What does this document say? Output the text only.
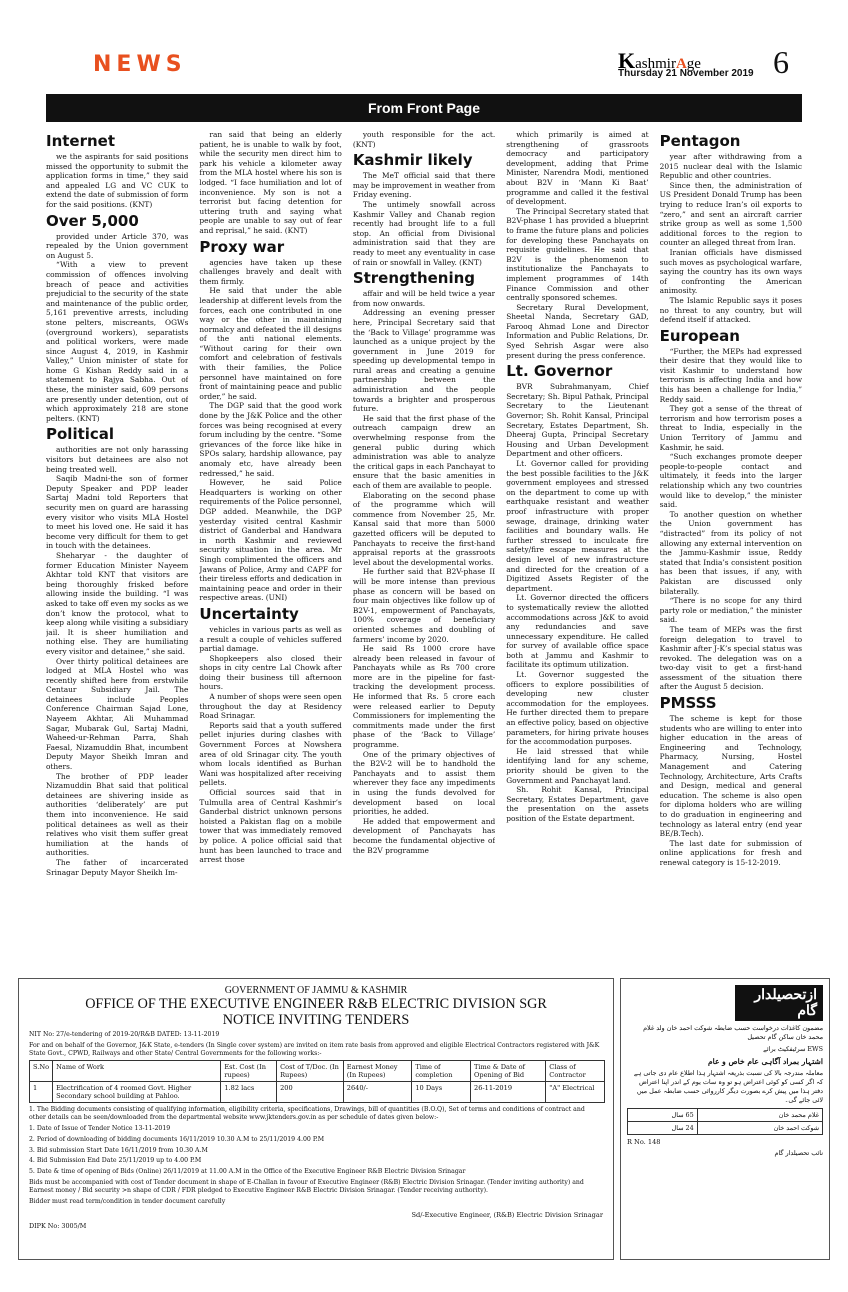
NEWS	KashmirAge
Thursday 21 November 2019 6
From Front Page
Internet

we the aspirants for said positions missed the opportunity to submit the application forms in time,” they said and appealed LG and VC CUK to extend the date of submission of form for the said positions. (KNT)

Over 5,000

provided under Article 370, was repealed by the Union government on August 5.

“With a view to prevent commission of offences involving breach of peace and activities prejudicial to the security of the state and maintenance of the public order, 5,161 preventive arrests, including stone pelters, miscreants, OGWs (overground workers), separatists and political workers, were made since August 4, 2019, in Kashmir Valley,” Union minister of state for home G Kishan Reddy said in a statement to Rajya Sabha. Out of these, the minister said, 609 persons are presently under detention, out of which approximately 218 are stone pelters. (KNT)

Political

authorities are not only harassing visitors but detainees are also not being treated well.

Saqib Madni-the son of former Deputy Speaker and PDP leader Sartaj Madni told Reporters that security men on guard are harassing every visitor who visits MLA Hostel to meet his loved one. He said it has become very difficult for them to get in touch with the detainees.

Sheharyar - the daughter of former Education Minister Nayeem Akhtar told KNT that visitors are being thoroughly frisked before allowing inside the building. “I was asked to take off even my socks as we don’t know the protocol, what to keep along while visiting a subsidiary jail. It is sheer humiliation and nothing else. They are humiliating every visitor and detainee,” she said.

Over thirty political detainees are lodged at MLA Hostel who was recently shifted here from erstwhile Centaur Subsidiary Jail. The detainees include Peoples Conference Chairman Sajad Lone, Nayeem Akhtar, Ali Muhammad Sagar, Mubarak Gul, Sartaj Madni, Waheed-ur-Rehman Parra, Shah Faesal, Nizamuddin Bhat, incumbent Deputy Mayor Sheikh Imran and others.

The brother of PDP leader Nizamuddin Bhat said that political detainees are shivering inside as authorities ‘deliberately’ are put them into inconvenience. He said political detainees as well as their relatives who visit them suffer great humiliation at the hands of authorities.

The father of incarcerated Srinagar Deputy Mayor Sheikh Im-

ran said that being an elderly patient, he is unable to walk by foot, while the security men direct him to park his vehicle a kilometer away from the MLA hostel where his son is lodged. “I face humiliation and lot of inconvenience. My son is not a terrorist but facing detention for uttering truth and saying what people are unable to say out of fear and reprisal,” he said. (KNT)

Proxy war

agencies have taken up these challenges bravely and dealt with them firmly.

He said that under the able leadership at different levels from the forces, each one contributed in one way or the other in maintaining normalcy and defeated the ill designs of the anti national elements. “Without caring for their own comfort and celebration of festivals with their families, the Police personnel have maintained on fore front of maintaining peace and public order,” he said.

The DGP said that the good work done by the J&K Police and the other forces was being recognised at every forum including by the centre. “Some grievances of the force like hike in SPOs salary, hardship allowance, pay anomaly etc, have already been redressed,” he said.

However, he said Police Headquarters is working on other requirements of the Police personnel, DGP added. Meanwhile, the DGP yesterday visited central Kashmir district of Ganderbal and Handwara in north Kashmir and reviewed security situation in the area. Mr Singh complimented the officers and Jawans of Police, Army and CAPF for their tireless efforts and dedication in maintaining peace and order in their respective areas. (UNI)

Uncertainty

vehicles in various parts as well as a result a couple of vehicles suffered partial damage.

Shopkeepers also closed their shops in city centre Lal Chowk after doing their business till afternoon hours.

A number of shops were seen open throughout the day at Residency Road Srinagar.

Reports said that a youth suffered pellet injuries during clashes with Government Forces at Nowshera area of old Srinagar city. The youth whom locals identified as Burhan Wani was hospitalized after receiving pellets.

Official sources said that in Tulmulla area of Central Kashmir’s Ganderbal district unknown persons hoisted a Pakistan flag on a mobile tower that was immediately removed by police. A police official said that hunt has been launched to trace and arrest those

youth responsible for the act. (KNT)

Kashmir likely

The MeT official said that there may be improvement in weather from Friday evening.

The untimely snowfall across Kashmir Valley and Chanab region recently had brought life to a full stop. An official from Divisional administration said that they are ready to meet any eventuality in case of rain or snowfall in Valley. (KNT)

Strengthening

affair and will be held twice a year from now onwards.

Addressing an evening presser here, Principal Secretary said that the ‘Back to Village’ programme was launched as a unique project by the government in June 2019 for speeding up developmental tempo in rural areas and creating a genuine partnership between the administration and the people towards a brighter and prosperous future.

He said that the first phase of the outreach campaign drew an overwhelming response from the general public during which administration was able to analyze the critical gaps in each Panchayat to ensure that the basic amenities in each of them are available to people.

Elaborating on the second phase of the programme which will commence from November 25, Mr. Kansal said that more than 5000 gazetted officers will be deputed to Panchayats to receive the first-hand appraisal reports at the grassroots level about the developmental works.

He further said that B2V-phase II will be more intense than previous phase as concern will be based on four main objectives like follow up of B2V-1, empowerment of Panchayats, 100% coverage of beneficiary oriented schemes and doubling of farmers’ income by 2020.

He said Rs 1000 crore have already been released in favour of Panchayats while as Rs 700 crore more are in the pipeline for fast-tracking the development process. He informed that Rs. 5 crore each were released earlier to Deputy Commissioners for implementing the commitments made under the first phase of the ‘Back to Village’ programme.

One of the primary objectives of the B2V-2 will be to handhold the Panchayats and to assist them wherever they face any impediments in using the funds devolved for development based on local priorities, he added.

He added that empowerment and development of Panchayats has become the fundamental objective of the B2V programme

which primarily is aimed at strengthening of grassroots democracy and participatory development, adding that Prime Minister, Narendra Modi, mentioned about B2V in ‘Mann Ki Baat’ programme and called it the festival of development.

The Principal Secretary stated that B2V-phase 1 has provided a blueprint to frame the future plans and policies for developing these Panchayats on requisite guidelines. He said that B2V is the phenomenon to institutionalize the Panchayats to implement programmes of 14th Finance Commission and other centrally sponsored schemes.

Secretary Rural Development, Sheetal Nanda, Secretary GAD, Farooq Ahmad Lone and Director Information and Public Relations, Dr. Syed Sehrish Asgar were also present during the press conference.

Lt. Governor

BVR Subrahmanyam, Chief Secretary; Sh. Bipul Pathak, Principal Secretary to the Lieutenant Governor; Sh. Rohit Kansal, Principal Secretary, Estates Department, Sh. Dheeraj Gupta, Principal Secretary Housing and Urban Development Department and other officers.

Lt. Governor called for providing the best possible facilities to the J&K government employees and stressed on the department to come up with earthquake resistant and weather proof infrastructure with proper sewage, drainage, drinking water facilities and boundary walls. He further stressed to inculcate fire safety/fire escape measures at the design level of new infrastructure and directed for the creation of a Digitized Assets Register of the department.

Lt. Governor directed the officers to systematically review the allotted accommodations across J&K to avoid any redundancies and save unnecessary expenditure. He called for survey of available office space both at Jammu and Kashmir to facilitate its optimum utilization.

Lt. Governor suggested the officers to explore possibilities of developing new cluster accommodation for the employees. He further directed them to prepare an effective policy, based on objective parameters, for hiring private houses for the accommodation purposes.

He laid stressed that while identifying land for any scheme, priority should be given to the Government and Panchayat land.

Sh. Rohit Kansal, Principal Secretary, Estates Department, gave the presentation on the assets position of the Estate department.

Pentagon

year after withdrawing from a 2015 nuclear deal with the Islamic Republic and other countries.

Since then, the administration of US President Donald Trump has been trying to reduce Iran’s oil exports to “zero,” and sent an aircraft carrier strike group as well as some 1,500 additional forces to the region to counter an alleged threat from Iran.

Iranian officials have dismissed such moves as psychological warfare, saying the country has its own ways of confronting the American animosity.

The Islamic Republic says it poses no threat to any country, but will defend itself if attacked.

European

“Further, the MEPs had expressed their desire that they would like to visit Kashmir to understand how terrorism is affecting India and how this has been a challenge for India,” Reddy said.

They got a sense of the threat of terrorism and how terrorism poses a threat to India, especially in the Union Territory of Jammu and Kashmir, he said.

“Such exchanges promote deeper people-to-people contact and ultimately, it feeds into the larger relationship which any two countries would like to develop,” the minister said.

To another question on whether the Union government has “distracted” from its policy of not allowing any external intervention on the Jammu-Kashmir issue, Reddy stated that India’s consistent position has been that issues, if any, with Pakistan are discussed only bilaterally.

“There is no scope for any third party role or mediation,” the minister said.

The team of MEPs was the first foreign delegation to travel to Kashmir after J-K’s special status was revoked. The delegation was on a two-day visit to get a first-hand assessment of the situation there after the August 5 decision.

PMSSS

The scheme is kept for those students who are willing to enter into higher education in the areas of Engineering and Technology, Pharmacy, Nursing, Hostel Management and Catering Technology, Architecture, Arts Crafts and Design, medical and general education. The scheme is also open for diploma holders who are willing to do graduation in engineering and technology as lateral entry (end year BE/B.Tech).

The last date for submission of online applications for fresh and renewal category is 15-12-2019.

GOVERNMENT OF JAMMU & KASHMIR
OFFICE OF THE EXECUTIVE ENGINEER R&B ELECTRIC DIVISION SGR
NOTICE INVITING TENDERS
NIT No: 27/e-tendering of 2019-20/R&B DATED: 13-11-2019
For and on behalf of the Governor, J&K State, e-tenders (In Single cover system) are invited on item rate basis from approved and eligible Electrical Contractors registered with J&K State Govt., CPWD, Railways and other State/ Central Governments for the following works:-
S.No	Name of Work	Est. Cost (In rupees)	Cost of T/Doc. (In Rupees)	Earnest Money (In Rupees)	Time of completion	Time & Date of Opening of Bid	Class of Contractor
1	Electrification of 4 roomed Govt. Higher Secondary school building at Pahloo.	1.82 lacs	200	2640/-	10 Days	26-11-2019	"A" Electrical
1. The Bidding documents consisting of qualifying information, eligibility criteria, specifications, Drawings, bill of quantities (B.O.Q), Set of terms and conditions of contract and other details can be seen/downloaded from the departmental website www.jktenders.gov.in as per schedule of dates given below:-
1. Date of Issue of Tender Notice 13-11-2019
2. Period of downloading of bidding documents 16/11/2019 10.30 A.M to 25/11/2019 4.00 P.M
3. Bid submission Start Date 16/11/2019 from 10.30 A.M
4. Bid Submission End Date 25/11/2019 up to 4.00 P.M
5. Date & time of opening of Bids (Online) 26/11/2019 at 11.00 A.M in the Office of the Executive Engineer R&B Electric Division Srinagar
Bids must be accompanied with cost of Tender document in shape of E-Challan in favour of Executive Engineer (R&B) Electric Division Srinagar. (Tender inviting authority) and Earnest money / Bid security >n shape of CDR / FDR pledged to Executive Engineer R&B Electric Division Srinagar. (Tender receiving authority).
Bidder must read term/condition in tender document carefully
Sd/-Executive Engineer, (R&B) Electric Division Srinagar
DIPK No: 3005/M
ازتحصیلدار گام
مضمون کاغذات درخواست حسب ضابطہ شوکت احمد خان ولد غلام محمد خان ساکن گام تحصیل
EWS سرٹیفکیٹ برائے
اشتہار بمراد آگاہی عام خاص و عام
معاملہ مندرجہ بالا کی نسبت بذریعہ اشتہار ہذا اطلاع عام دی جاتی ہے کہ اگر کسی کو کوئی اعتراض ہو تو وہ سات یوم کے اندر اپنا اعتراض دفتر ہذا میں پیش کرے بصورت دیگر کارروائی حسب ضابطہ عمل میں لائی جائے گی۔
غلام محمد خان	65 سال
شوکت احمد خان	24 سال
R No. 148
نائب تحصیلدار گام
